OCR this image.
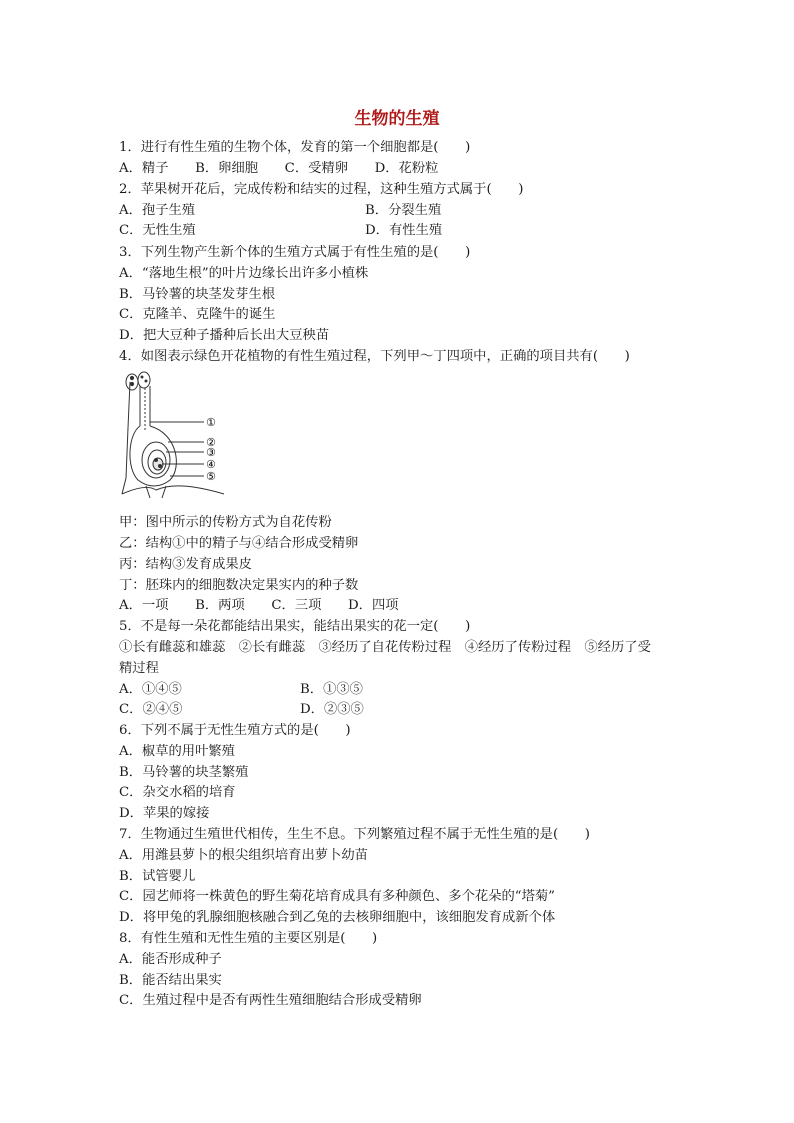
生物的生殖
1．进行有性生殖的生物个体，发育的第一个细胞都是(　　)
A．精子　　B．卵细胞　　C．受精卵　　D．花粉粒
2．苹果树开花后，完成传粉和结实的过程，这种生殖方式属于(　　)
A．孢子生殖	B．分裂生殖
C．无性生殖	D．有性生殖
3．下列生物产生新个体的生殖方式属于有性生殖的是(　　)
A．“落地生根”的叶片边缘长出许多小植株
B．马铃薯的块茎发芽生根
C．克隆羊、克隆牛的诞生
D．把大豆种子播种后长出大豆秧苗
4．如图表示绿色开花植物的有性生殖过程，下列甲～丁四项中，正确的项目共有(　　)
①
②
③
④
⑤
甲：图中所示的传粉方式为自花传粉
乙：结构①中的精子与④结合形成受精卵
丙：结构③发育成果皮
丁：胚珠内的细胞数决定果实内的种子数
A．一项　　B．两项　　C．三项　　D．四项
5．不是每一朵花都能结出果实，能结出果实的花一定(　　)
①长有雌蕊和雄蕊　②长有雌蕊　③经历了自花传粉过程　④经历了传粉过程　⑤经历了受
精过程
A．①④⑤	B．①③⑤
C．②④⑤	D．②③⑤
6．下列不属于无性生殖方式的是(　　)
A．椒草的用叶繁殖
B．马铃薯的块茎繁殖
C．杂交水稻的培育
D．苹果的嫁接
7．生物通过生殖世代相传，生生不息。下列繁殖过程不属于无性生殖的是(　　)
A．用潍县萝卜的根尖组织培育出萝卜幼苗
B．试管婴儿
C．园艺师将一株黄色的野生菊花培育成具有多种颜色、多个花朵的“塔菊”
D．将甲兔的乳腺细胞核融合到乙兔的去核卵细胞中，该细胞发育成新个体
8．有性生殖和无性生殖的主要区别是(　　)
A．能否形成种子
B．能否结出果实
C．生殖过程中是否有两性生殖细胞结合形成受精卵
